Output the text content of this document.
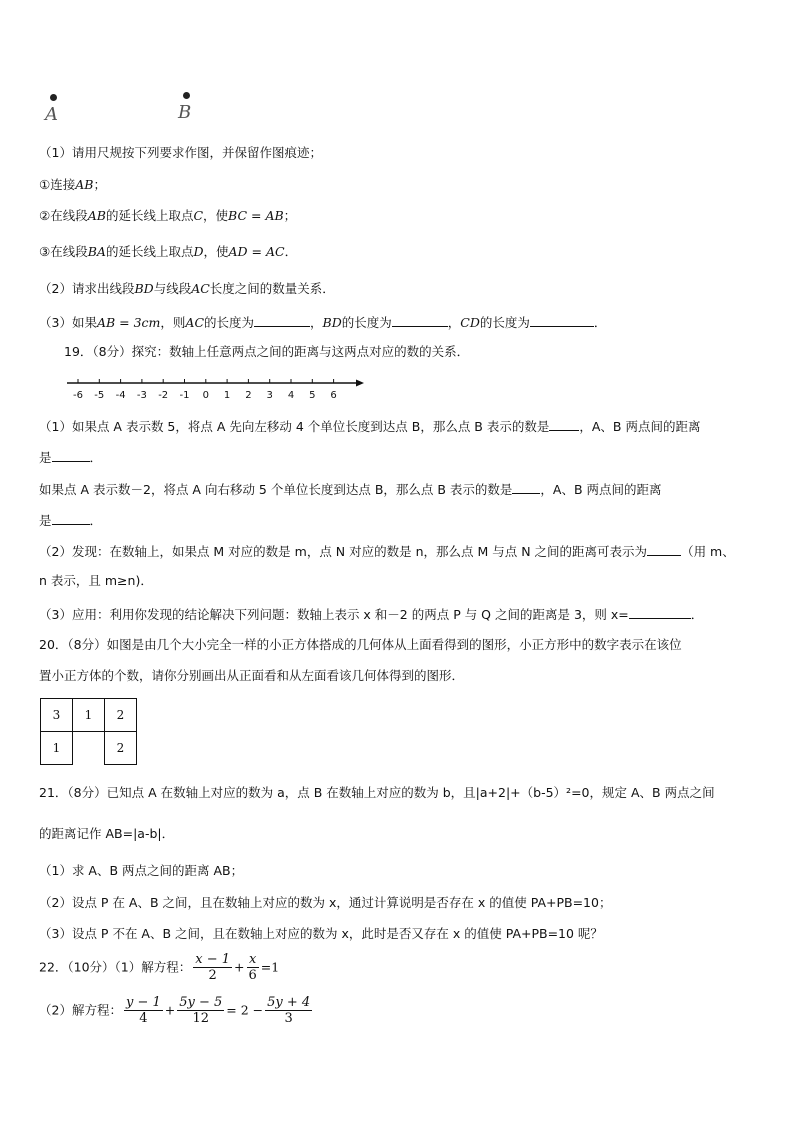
A	B
（1）请用尺规按下列要求作图，并保留作图痕迹；
①连接AB；
②在线段AB的延长线上取点C，使BC = AB；
③在线段BA的延长线上取点D，使AD = AC．
（2）请求出线段BD与线段AC长度之间的数量关系．
（3）如果AB = 3cm，则AC的长度为	，BD的长度为	，CD的长度为	．
19．（8分）探究：数轴上任意两点之间的距离与这两点对应的数的关系．
-6 -5 -4 -3 -2 -1 0 1 2 3 4 5 6
（1）如果点 A 表示数 5，将点 A 先向左移动 4 个单位长度到达点 B，那么点 B 表示的数是 ，A、B 两点间的距离
是	．
如果点 A 表示数－2，将点 A 向右移动 5 个单位长度到达点 B，那么点 B 表示的数是 ，A、B 两点间的距离
是	．
（2）发现：在数轴上，如果点 M 对应的数是 m，点 N 对应的数是 n，那么点 M 与点 N 之间的距离可表示为	（用 m、
n 表示，且 m≥n)．
（3）应用：利用你发现的结论解决下列问题：数轴上表示 x 和－2 的两点 P 与 Q 之间的距离是 3，则 x=	．
20．（8分）如图是由几个大小完全一样的小正方体搭成的几何体从上面看得到的图形，小正方形中的数字表示在该位
置小正方体的个数，请你分别画出从正面看和从左面看该几何体得到的图形．
3	1	2
1		2
21．（8分）已知点 A 在数轴上对应的数为 a，点 B 在数轴上对应的数为 b，且|a+2|+（b-5）²=0，规定 A、B 两点之间
的距离记作 AB=|a-b|．
（1）求 A、B 两点之间的距离 AB；
（2）设点 P 在 A、B 之间，且在数轴上对应的数为 x，通过计算说明是否存在 x 的值使 PA+PB=10；
（3）设点 P 不在 A、B 之间，且在数轴上对应的数为 x，此时是否又存在 x 的值使 PA+PB=10 呢？
22．（10分）（1）解方程： $\frac{x - 1}{2} + \frac{x}{6} =1$
（2）解方程： $\frac{y - 1}{4} + \frac{5y - 5}{12} = 2 - \frac{5y + 4}{3}$
